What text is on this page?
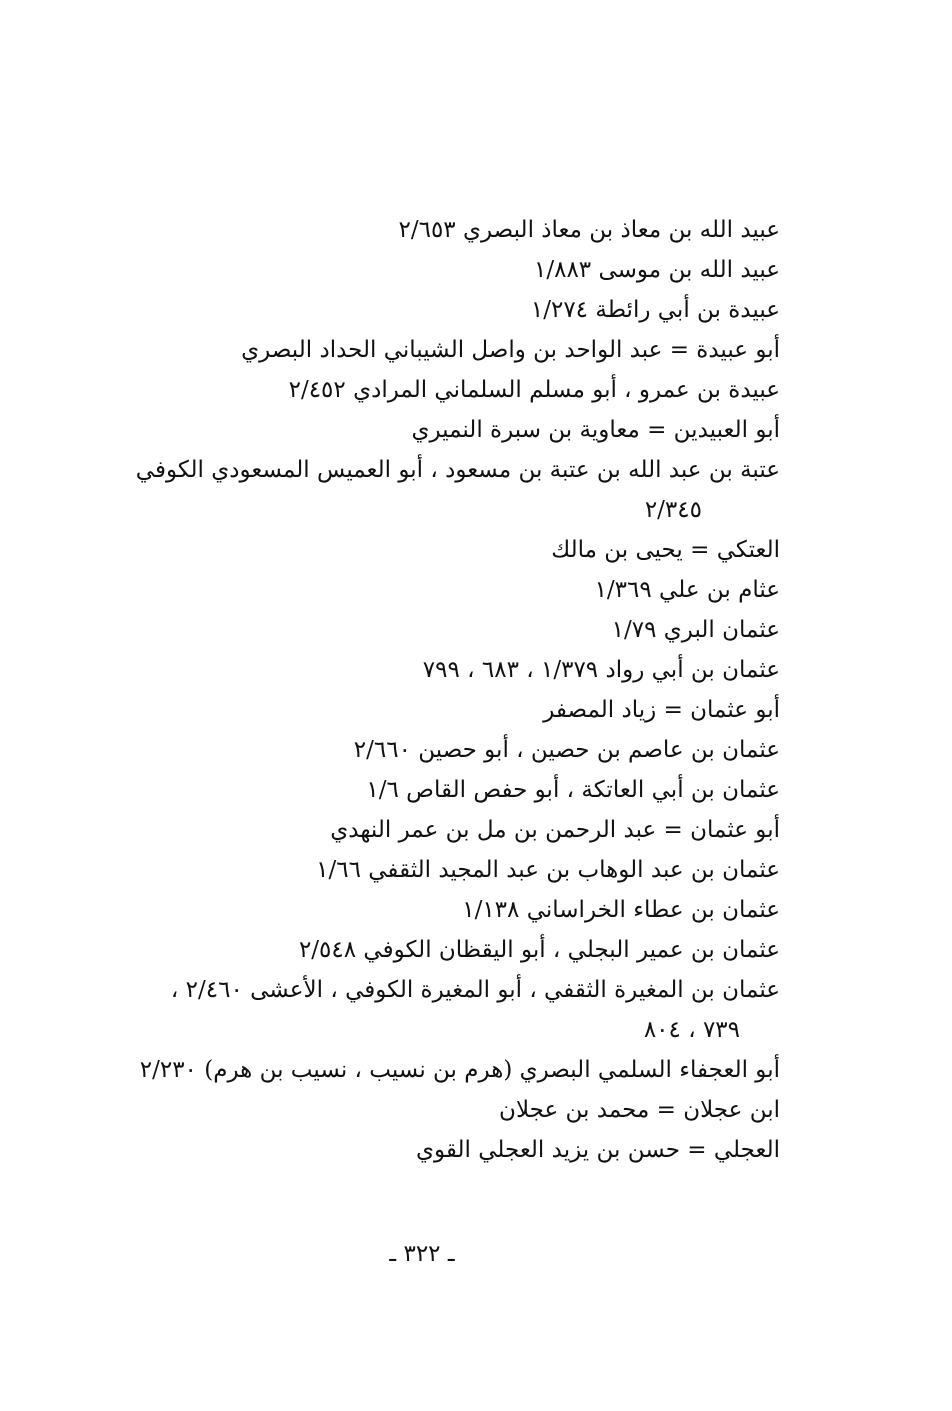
عبيد الله بن معاذ بن معاذ البصري ٢/٦٥٣
عبيد الله بن موسى ١/٨٨٣
عبيدة بن أبي رائطة ١/٢٧٤
أبو عبيدة = عبد الواحد بن واصل الشيباني الحداد البصري
عبيدة بن عمرو ، أبو مسلم السلماني المرادي ٢/٤٥٢
أبو العبيدين = معاوية بن سبرة النميري
عتبة بن عبد الله بن عتبة بن مسعود ، أبو العميس المسعودي الكوفي
٢/٣٤٥
العتكي = يحيى بن مالك
عثام بن علي ١/٣٦٩
عثمان البري ١/٧٩
عثمان بن أبي رواد ١/٣٧٩ ، ٦٨٣ ، ٧٩٩
أبو عثمان = زياد المصفر
عثمان بن عاصم بن حصين ، أبو حصين ٢/٦٦٠
عثمان بن أبي العاتكة ، أبو حفص القاص ١/٦
أبو عثمان = عبد الرحمن بن مل بن عمر النهدي
عثمان بن عبد الوهاب بن عبد المجيد الثقفي ١/٦٦
عثمان بن عطاء الخراساني ١/١٣٨
عثمان بن عمير البجلي ، أبو اليقظان الكوفي ٢/٥٤٨
عثمان بن المغيرة الثقفي ، أبو المغيرة الكوفي ، الأعشى ٢/٤٦٠ ،
٧٣٩ ، ٨٠٤
أبو العجفاء السلمي البصري (هرم بن نسيب ، نسيب بن هرم) ٢/٢٣٠
ابن عجلان = محمد بن عجلان
العجلي = حسن بن يزيد العجلي القوي
ـ ٣٢٢ ـ
